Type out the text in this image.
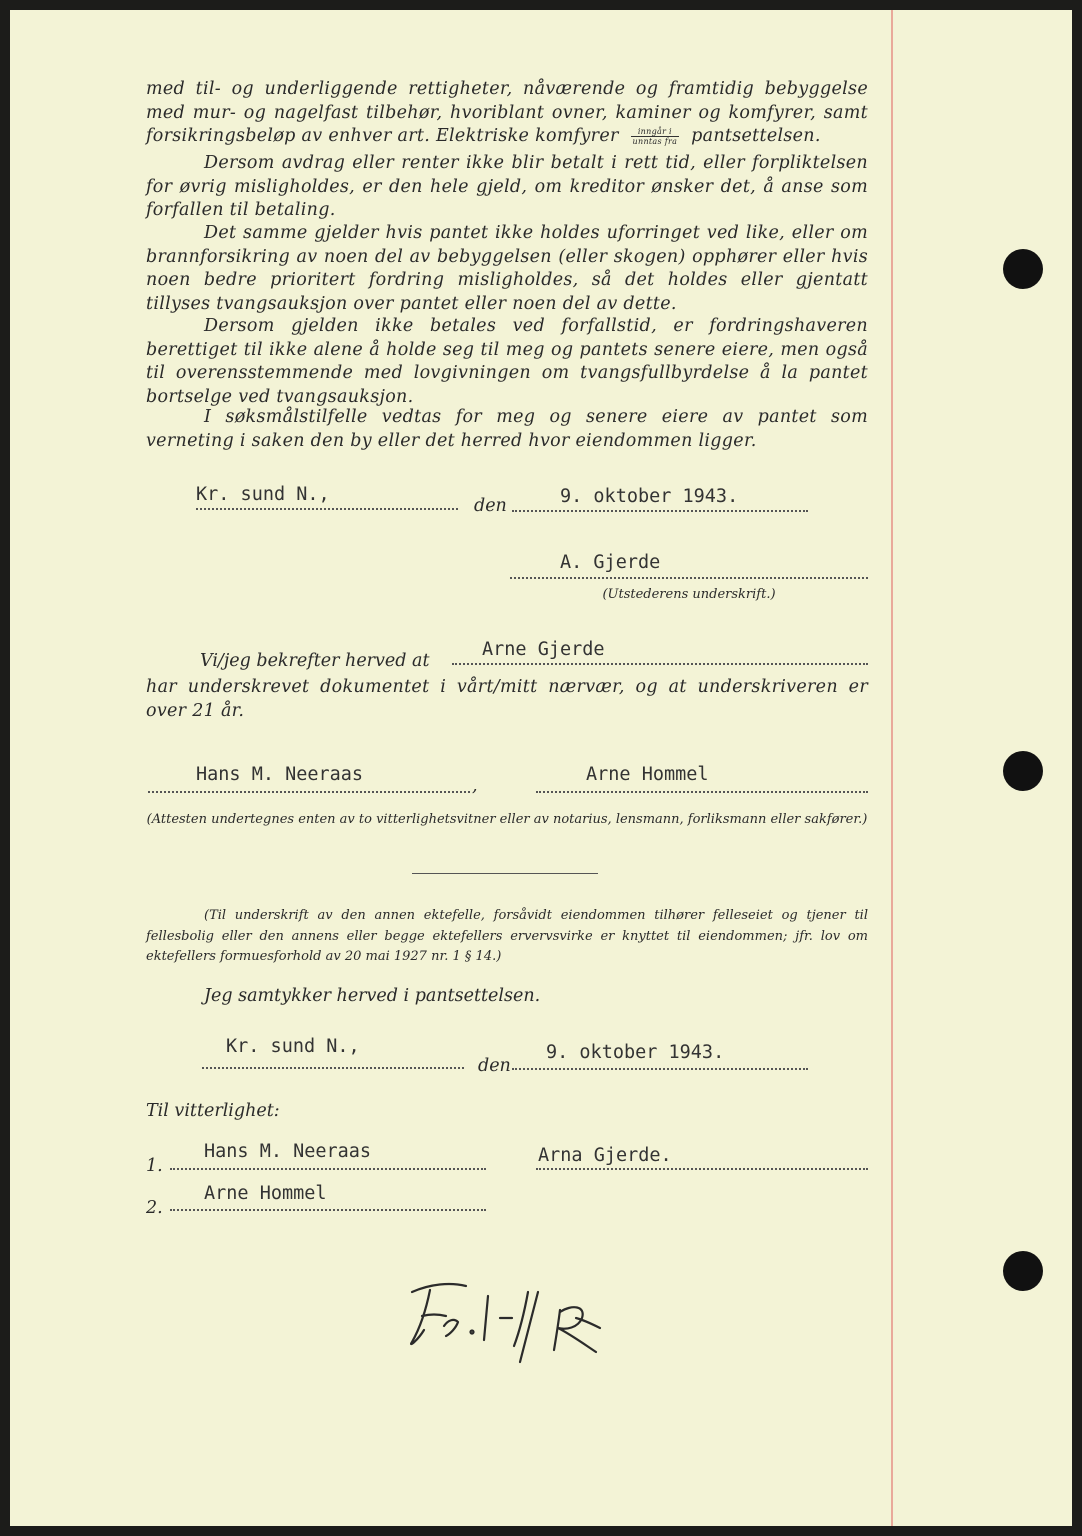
med til- og underliggende rettigheter, nåværende og framtidig bebyggelse med mur- og nagelfast tilbehør, hvoriblant ovner, kaminer og komfyrer, samt forsikringsbeløp av enhver art. Elektriske komfyrer $\frac{\text{inngår i}}{\text{unntas fra}}$ pantsettelsen.
Dersom avdrag eller renter ikke blir betalt i rett tid, eller forpliktelsen for øvrig misligholdes, er den hele gjeld, om kreditor ønsker det, å anse som forfallen til betaling.
Det samme gjelder hvis pantet ikke holdes uforringet ved like, eller om brannforsikring av noen del av bebyggelsen (eller skogen) opphører eller hvis noen bedre prioritert fordring misligholdes, så det holdes eller gjentatt tillyses tvangsauksjon over pantet eller noen del av dette.
Dersom gjelden ikke betales ved forfallstid, er fordringshaveren berettiget til ikke alene å holde seg til meg og pantets senere eiere, men også til overensstemmende med lovgivningen om tvangsfullbyrdelse å la pantet bortselge ved tvangsauksjon.
I søksmålstilfelle vedtas for meg og senere eiere av pantet som verneting i saken den by eller det herred hvor eiendommen ligger.
Kr. sund N.,
den	9. oktober 1943.
A. Gjerde
(Utstederens underskrift.)
Arne Gjerde
Vi/jeg bekrefter herved at
har underskrevet dokumentet i vårt/mitt nærvær, og at underskriveren er over 21 år.
Hans M. Neeraas
,
Arne Hommel
(Attesten undertegnes enten av to vitterlighetsvitner eller av notarius, lensmann, forliksmann eller sakfører.)
(Til underskrift av den annen ektefelle, forsåvidt eiendommen tilhører felleseiet og tjener til fellesbolig eller den annens eller begge ektefellers ervervsvirke er knyttet til eiendommen; jfr. lov om ektefellers formuesforhold av 20 mai 1927 nr. 1 § 14.)
Jeg samtykker herved i pantsettelsen.
Kr. sund N.,
den
9. oktober 1943.
Til vitterlighet:
1.
Hans M. Neeraas	Arna Gjerde.
2.
Arne Hommel
